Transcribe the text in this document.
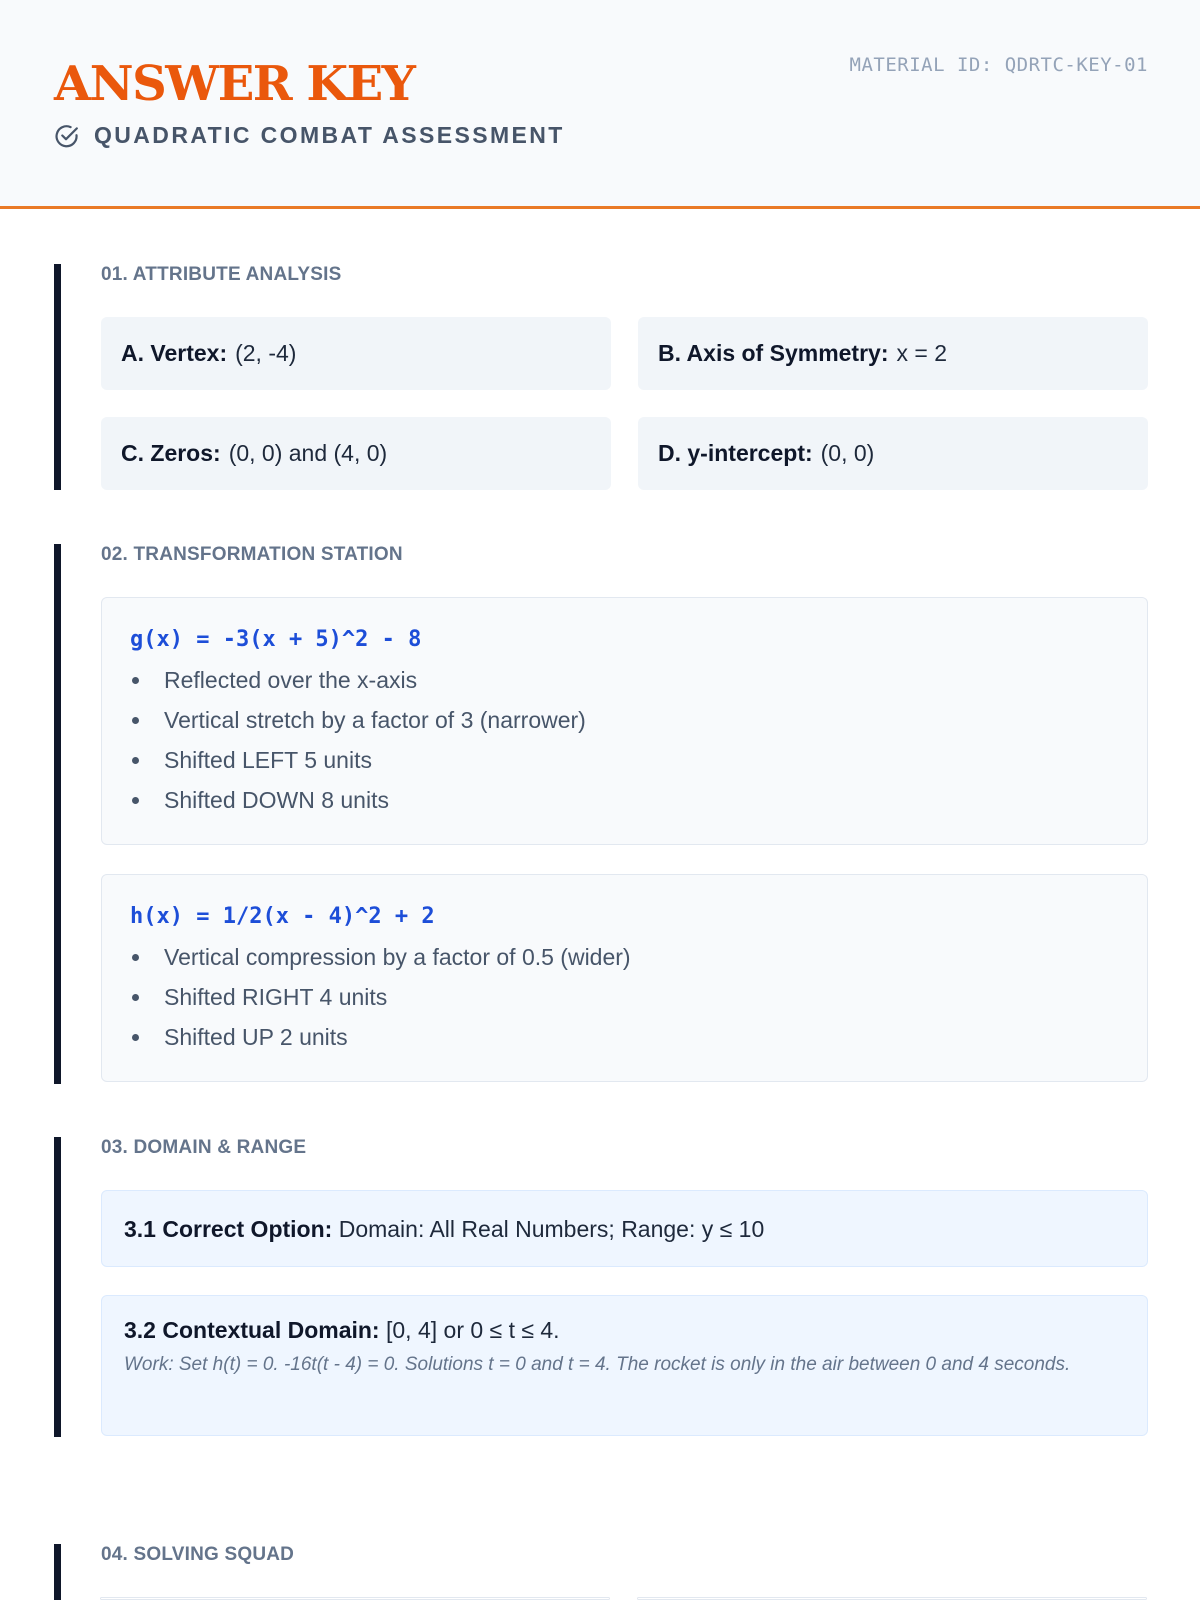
ANSWER KEY
QUADRATIC COMBAT ASSESSMENT
MATERIAL ID: QDRTC-KEY-01
01. ATTRIBUTE ANALYSIS
A. Vertex: (2, -4)	B. Axis of Symmetry: x = 2
C. Zeros: (0, 0) and (4, 0)	D. y-intercept: (0, 0)
02. TRANSFORMATION STATION
g(x) = -3(x + 5)^2 - 8
Reflected over the x-axis
Vertical stretch by a factor of 3 (narrower)
Shifted LEFT 5 units
Shifted DOWN 8 units
h(x) = 1/2(x - 4)^2 + 2
Vertical compression by a factor of 0.5 (wider)
Shifted RIGHT 4 units
Shifted UP 2 units
03. DOMAIN & RANGE
3.1 Correct Option: Domain: All Real Numbers; Range: y ≤ 10
3.2 Contextual Domain: [0, 4] or 0 ≤ t ≤ 4.
Work: Set h(t) = 0. -16t(t - 4) = 0. Solutions t = 0 and t = 4. The rocket is only in the air between 0 and 4 seconds.
04. SOLVING SQUAD
